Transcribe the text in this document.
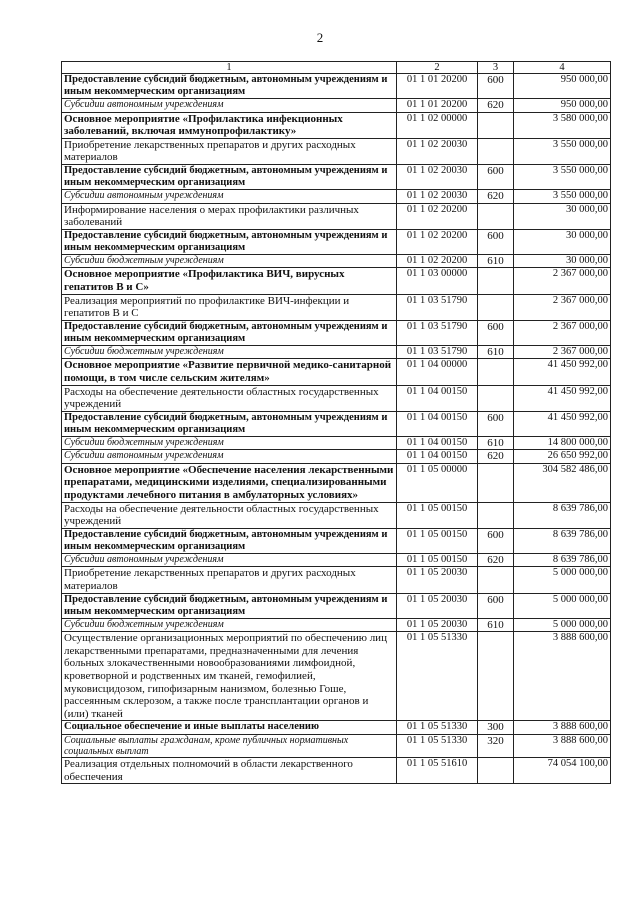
2
1	2	3	4
Предоставление субсидий бюджетным, автономным учреждениям и иным некоммерческим организациям	01 1 01 20200	600	950 000,00
Субсидии автономным учреждениям	01 1 01 20200	620	950 000,00
Основное мероприятие «Профилактика инфекционных заболеваний, включая иммунопрофилактику»	01 1 02 00000		3 580 000,00
Приобретение лекарственных препаратов и других расходных материалов	01 1 02 20030		3 550 000,00
Предоставление субсидий бюджетным, автономным учреждениям и иным некоммерческим организациям	01 1 02 20030	600	3 550 000,00
Субсидии автономным учреждениям	01 1 02 20030	620	3 550 000,00
Информирование населения о мерах профилактики различных заболеваний	01 1 02 20200		30 000,00
Предоставление субсидий бюджетным, автономным учреждениям и иным некоммерческим организациям	01 1 02 20200	600	30 000,00
Субсидии бюджетным учреждениям	01 1 02 20200	610	30 000,00
Основное мероприятие «Профилактика ВИЧ, вирусных гепатитов В и С»	01 1 03 00000		2 367 000,00
Реализация мероприятий по профилактике ВИЧ-инфекции и гепатитов В и С	01 1 03 51790		2 367 000,00
Предоставление субсидий бюджетным, автономным учреждениям и иным некоммерческим организациям	01 1 03 51790	600	2 367 000,00
Субсидии бюджетным учреждениям	01 1 03 51790	610	2 367 000,00
Основное мероприятие «Развитие первичной медико-санитарной помощи, в том числе сельским жителям»	01 1 04 00000		41 450 992,00
Расходы на обеспечение деятельности областных государственных учреждений	01 1 04 00150		41 450 992,00
Предоставление субсидий бюджетным, автономным учреждениям и иным некоммерческим организациям	01 1 04 00150	600	41 450 992,00
Субсидии бюджетным учреждениям	01 1 04 00150	610	14 800 000,00
Субсидии автономным учреждениям	01 1 04 00150	620	26 650 992,00
Основное мероприятие «Обеспечение населения лекарственными препаратами, медицинскими изделиями, специализированными продуктами лечебного питания в амбулаторных условиях»	01 1 05 00000		304 582 486,00
Расходы на обеспечение деятельности областных государственных учреждений	01 1 05 00150		8 639 786,00
Предоставление субсидий бюджетным, автономным учреждениям и иным некоммерческим организациям	01 1 05 00150	600	8 639 786,00
Субсидии автономным учреждениям	01 1 05 00150	620	8 639 786,00
Приобретение лекарственных препаратов и других расходных материалов	01 1 05 20030		5 000 000,00
Предоставление субсидий бюджетным, автономным учреждениям и иным некоммерческим организациям	01 1 05 20030	600	5 000 000,00
Субсидии бюджетным учреждениям	01 1 05 20030	610	5 000 000,00
Осуществление организационных мероприятий по обеспечению лиц лекарственными препаратами, предназначенными для лечения больных злокачественными новообразованиями лимфоидной, кроветворной и родственных им тканей, гемофилией, муковисцидозом, гипофизарным нанизмом, болезнью Гоше, рассеянным склерозом, а также после трансплантации органов и (или) тканей	01 1 05 51330		3 888 600,00
Социальное обеспечение и иные выплаты населению	01 1 05 51330	300	3 888 600,00
Социальные выплаты гражданам, кроме публичных нормативных социальных выплат	01 1 05 51330	320	3 888 600,00
Реализация отдельных полномочий в области лекарственного обеспечения	01 1 05 51610		74 054 100,00
